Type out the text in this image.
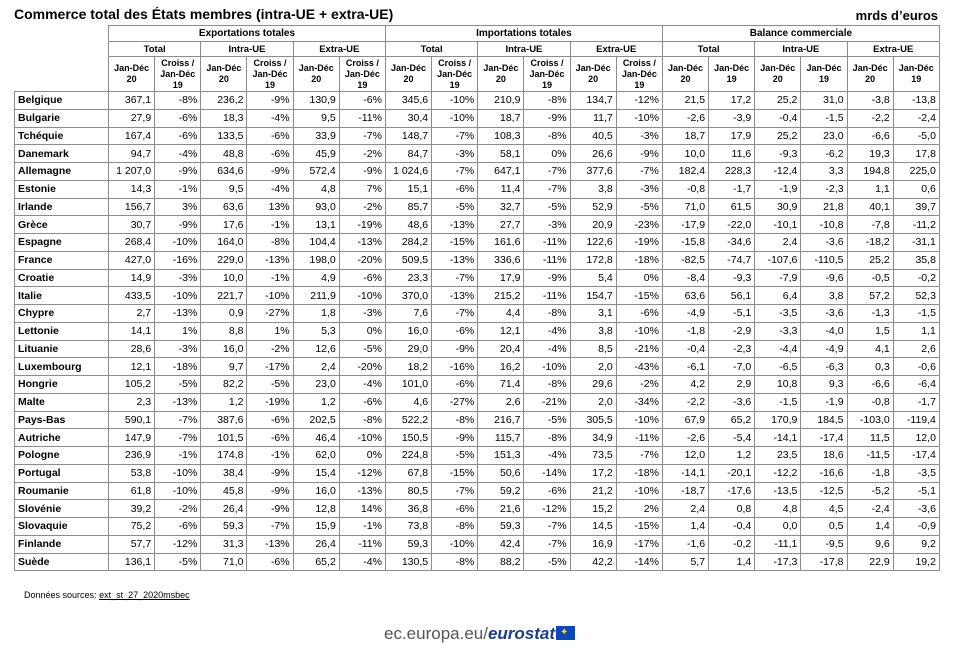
Commerce total des États membres (intra-UE + extra-UE)	mrds d’euros
	Exportations totales						Importations totales						Balance commerciale					
	Total		Intra-UE		Extra-UE		Total		Intra-UE		Extra-UE		Total		Intra-UE		Extra-UE	
	Jan-Déc 20	Croiss / Jan-Déc 19	Jan-Déc 20	Croiss / Jan-Déc 19	Jan-Déc 20	Croiss / Jan-Déc 19	Jan-Déc 20	Croiss / Jan-Déc 19	Jan-Déc 20	Croiss / Jan-Déc 19	Jan-Déc 20	Croiss / Jan-Déc 19	Jan-Déc 20	Jan-Déc 19	Jan-Déc 20	Jan-Déc 19	Jan-Déc 20	Jan-Déc 19
Belgique	367,1	-8%	236,2	-9%	130,9	-6%	345,6	-10%	210,9	-8%	134,7	-12%	21,5	17,2	25,2	31,0	-3,8	-13,8
Bulgarie	27,9	-6%	18,3	-4%	9,5	-11%	30,4	-10%	18,7	-9%	11,7	-10%	-2,6	-3,9	-0,4	-1,5	-2,2	-2,4
Tchéquie	167,4	-6%	133,5	-6%	33,9	-7%	148,7	-7%	108,3	-8%	40,5	-3%	18,7	17,9	25,2	23,0	-6,6	-5,0
Danemark	94,7	-4%	48,8	-6%	45,9	-2%	84,7	-3%	58,1	0%	26,6	-9%	10,0	11,6	-9,3	-6,2	19,3	17,8
Allemagne	1 207,0	-9%	634,6	-9%	572,4	-9%	1 024,6	-7%	647,1	-7%	377,6	-7%	182,4	228,3	-12,4	3,3	194,8	225,0
Estonie	14,3	-1%	9,5	-4%	4,8	7%	15,1	-6%	11,4	-7%	3,8	-3%	-0,8	-1,7	-1,9	-2,3	1,1	0,6
Irlande	156,7	3%	63,6	13%	93,0	-2%	85,7	-5%	32,7	-5%	52,9	-5%	71,0	61,5	30,9	21,8	40,1	39,7
Grèce	30,7	-9%	17,6	-1%	13,1	-19%	48,6	-13%	27,7	-3%	20,9	-23%	-17,9	-22,0	-10,1	-10,8	-7,8	-11,2
Espagne	268,4	-10%	164,0	-8%	104,4	-13%	284,2	-15%	161,6	-11%	122,6	-19%	-15,8	-34,6	2,4	-3,6	-18,2	-31,1
France	427,0	-16%	229,0	-13%	198,0	-20%	509,5	-13%	336,6	-11%	172,8	-18%	-82,5	-74,7	-107,6	-110,5	25,2	35,8
Croatie	14,9	-3%	10,0	-1%	4,9	-6%	23,3	-7%	17,9	-9%	5,4	0%	-8,4	-9,3	-7,9	-9,6	-0,5	-0,2
Italie	433,5	-10%	221,7	-10%	211,9	-10%	370,0	-13%	215,2	-11%	154,7	-15%	63,6	56,1	6,4	3,8	57,2	52,3
Chypre	2,7	-13%	0,9	-27%	1,8	-3%	7,6	-7%	4,4	-8%	3,1	-6%	-4,9	-5,1	-3,5	-3,6	-1,3	-1,5
Lettonie	14,1	1%	8,8	1%	5,3	0%	16,0	-6%	12,1	-4%	3,8	-10%	-1,8	-2,9	-3,3	-4,0	1,5	1,1
Lituanie	28,6	-3%	16,0	-2%	12,6	-5%	29,0	-9%	20,4	-4%	8,5	-21%	-0,4	-2,3	-4,4	-4,9	4,1	2,6
Luxembourg	12,1	-18%	9,7	-17%	2,4	-20%	18,2	-16%	16,2	-10%	2,0	-43%	-6,1	-7,0	-6,5	-6,3	0,3	-0,6
Hongrie	105,2	-5%	82,2	-5%	23,0	-4%	101,0	-6%	71,4	-8%	29,6	-2%	4,2	2,9	10,8	9,3	-6,6	-6,4
Malte	2,3	-13%	1,2	-19%	1,2	-6%	4,6	-27%	2,6	-21%	2,0	-34%	-2,2	-3,6	-1,5	-1,9	-0,8	-1,7
Pays-Bas	590,1	-7%	387,6	-6%	202,5	-8%	522,2	-8%	216,7	-5%	305,5	-10%	67,9	65,2	170,9	184,5	-103,0	-119,4
Autriche	147,9	-7%	101,5	-6%	46,4	-10%	150,5	-9%	115,7	-8%	34,9	-11%	-2,6	-5,4	-14,1	-17,4	11,5	12,0
Pologne	236,9	-1%	174,8	-1%	62,0	0%	224,8	-5%	151,3	-4%	73,5	-7%	12,0	1,2	23,5	18,6	-11,5	-17,4
Portugal	53,8	-10%	38,4	-9%	15,4	-12%	67,8	-15%	50,6	-14%	17,2	-18%	-14,1	-20,1	-12,2	-16,6	-1,8	-3,5
Roumanie	61,8	-10%	45,8	-9%	16,0	-13%	80,5	-7%	59,2	-6%	21,2	-10%	-18,7	-17,6	-13,5	-12,5	-5,2	-5,1
Slovénie	39,2	-2%	26,4	-9%	12,8	14%	36,8	-6%	21,6	-12%	15,2	2%	2,4	0,8	4,8	4,5	-2,4	-3,6
Slovaquie	75,2	-6%	59,3	-7%	15,9	-1%	73,8	-8%	59,3	-7%	14,5	-15%	1,4	-0,4	0,0	0,5	1,4	-0,9
Finlande	57,7	-12%	31,3	-13%	26,4	-11%	59,3	-10%	42,4	-7%	16,9	-17%	-1,6	-0,2	-11,1	-9,5	9,6	9,2
Suède	136,1	-5%	71,0	-6%	65,2	-4%	130,5	-8%	88,2	-5%	42,2	-14%	5,7	1,4	-17,3	-17,8	22,9	19,2
Données sources: ext_st_27_2020msbec
ec.europa.eu/eurostat ✦
